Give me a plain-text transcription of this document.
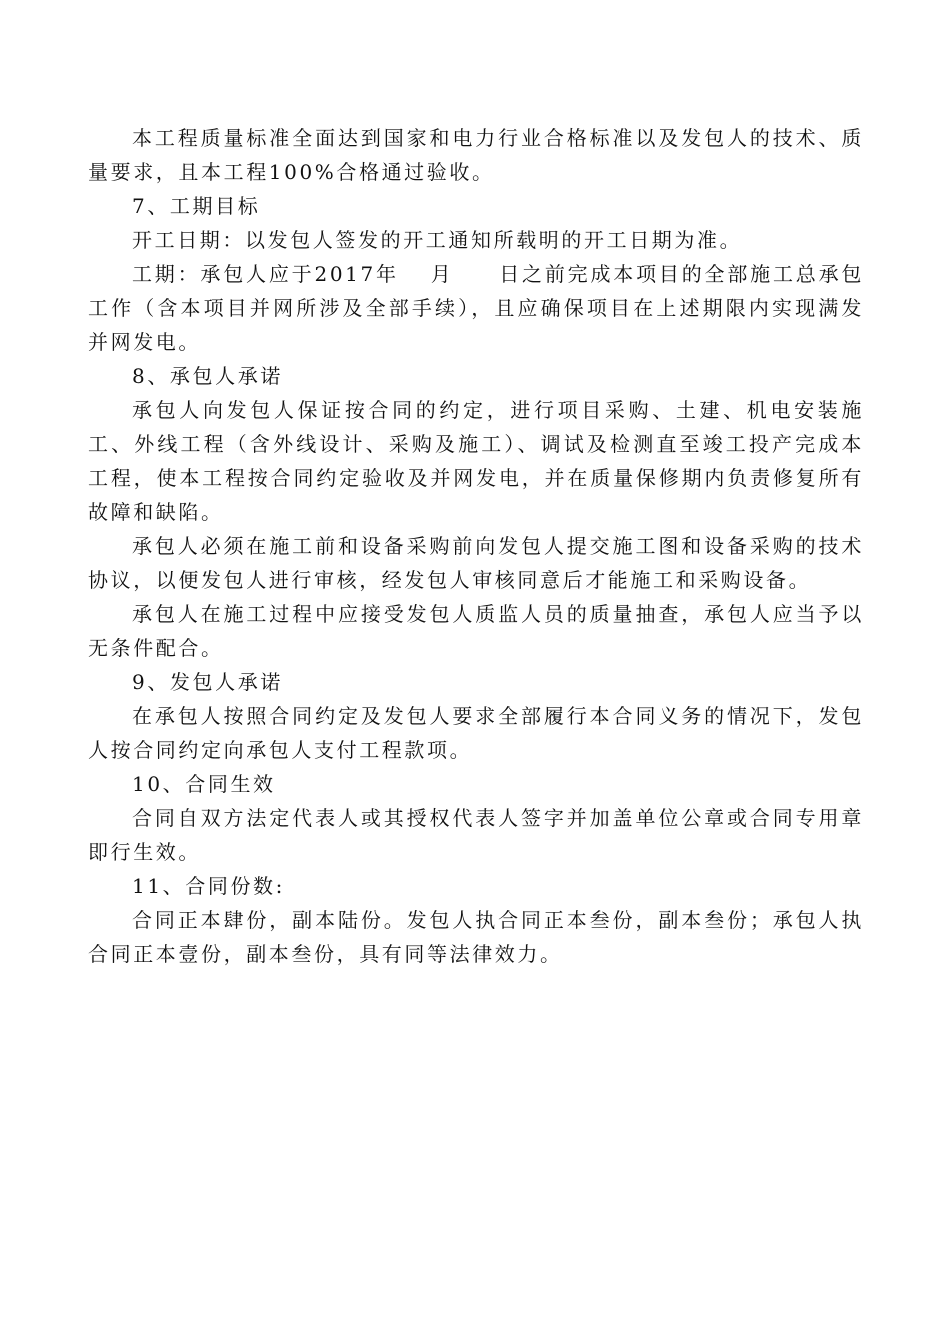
本工程质量标准全面达到国家和电力行业合格标准以及发包人的技术、质量要求，且本工程100%合格通过验收。

7、工期目标

开工日期：以发包人签发的开工通知所载明的开工日期为准。

工期：承包人应于2017年　 月　　日之前完成本项目的全部施工总承包工作（含本项目并网所涉及全部手续），且应确保项目在上述期限内实现满发并网发电。

8、承包人承诺

承包人向发包人保证按合同的约定，进行项目采购、土建、机电安装施工、外线工程（含外线设计、采购及施工）、调试及检测直至竣工投产完成本工程，使本工程按合同约定验收及并网发电，并在质量保修期内负责修复所有故障和缺陷。

承包人必须在施工前和设备采购前向发包人提交施工图和设备采购的技术协议，以便发包人进行审核，经发包人审核同意后才能施工和采购设备。

承包人在施工过程中应接受发包人质监人员的质量抽查，承包人应当予以无条件配合。

9、发包人承诺

在承包人按照合同约定及发包人要求全部履行本合同义务的情况下，发包人按合同约定向承包人支付工程款项。

10、合同生效

合同自双方法定代表人或其授权代表人签字并加盖单位公章或合同专用章即行生效。

11、合同份数:

合同正本肆份，副本陆份。发包人执合同正本叁份，副本叁份；承包人执合同正本壹份，副本叁份，具有同等法律效力。
